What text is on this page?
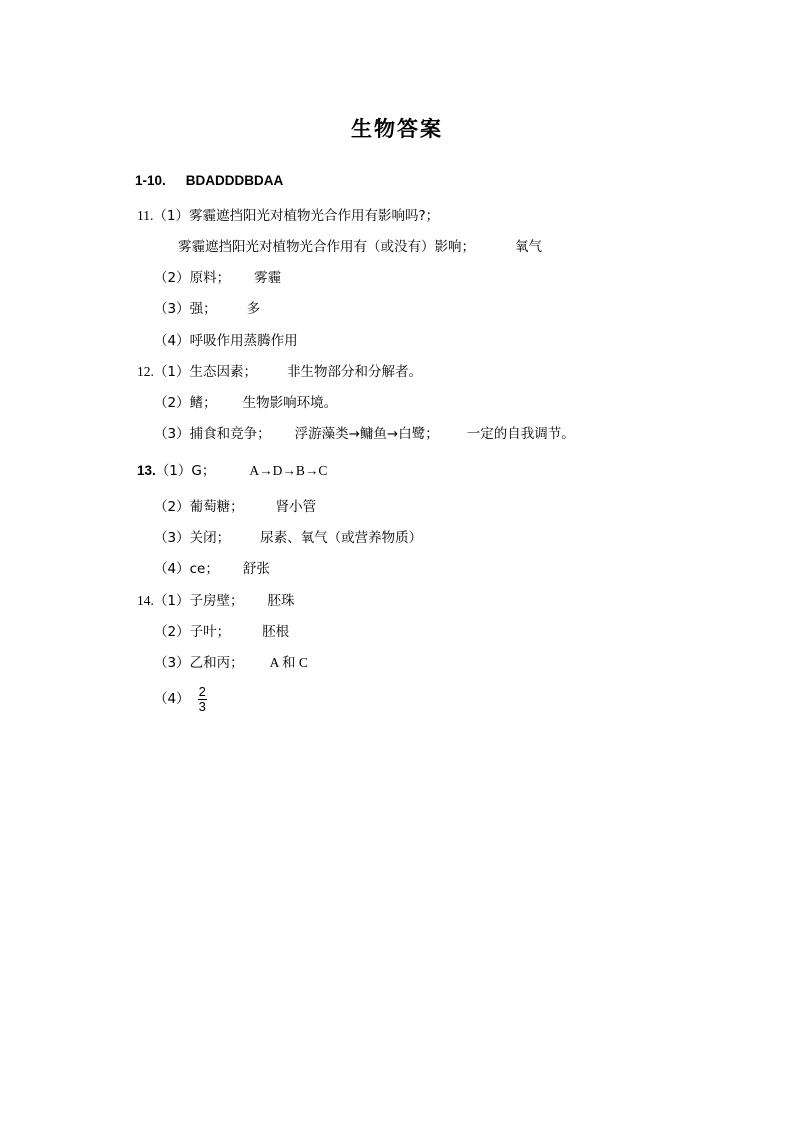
生物答案
1-10. BDADDDBDAA
11.（1）雾霾遮挡阳光对植物光合作用有影响吗?；
雾霾遮挡阳光对植物光合作用有（或没有）影响；	氧气
（2）原料； 雾霾
（3）强； 多
（4）呼吸作用蒸腾作用
12.（1）生态因素； 非生物部分和分解者。
（2）鳍； 生物影响环境。
（3）捕食和竞争； 浮游藻类→鳙鱼→白鹭； 一定的自我调节。
13.（1）G；	A→D→B→C
（2）葡萄糖； 肾小管
（3）关闭； 尿素、氧气（或营养物质）
（4）ce； 舒张
14.（1）子房壁； 胚珠
（2）子叶； 胚根
（3）乙和丙； A 和 C
$(4) \frac{2}{3}$
